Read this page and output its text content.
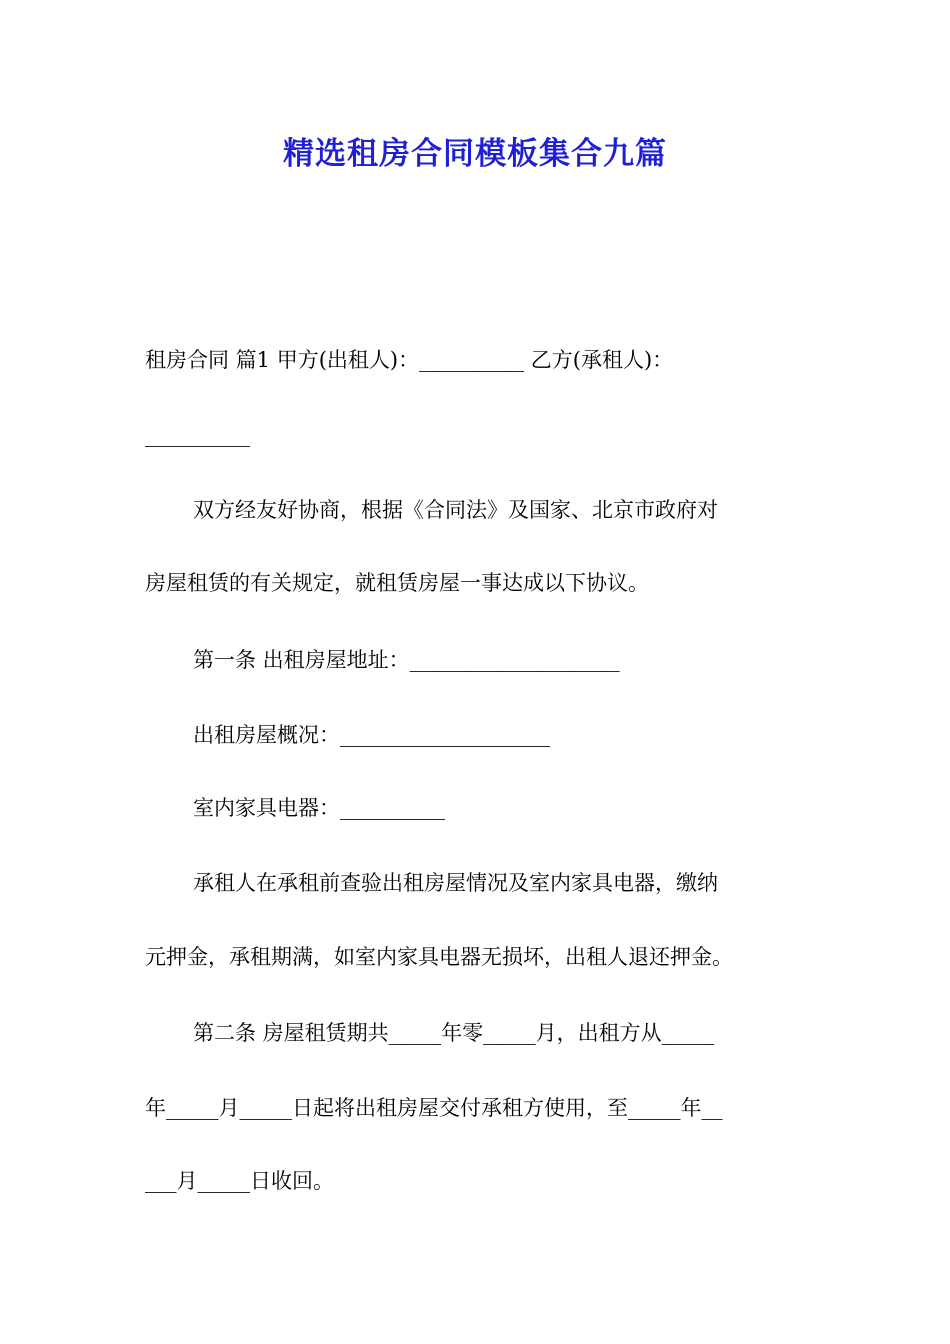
精选租房合同模板集合九篇
租房合同 篇1 甲方(出租人)：__________ 乙方(承租人)：
__________
双方经友好协商，根据《合同法》及国家、北京市政府对
房屋租赁的有关规定，就租赁房屋一事达成以下协议。
第一条 出租房屋地址：____________________
出租房屋概况：____________________
室内家具电器：__________
承租人在承租前查验出租房屋情况及室内家具电器，缴纳
元押金，承租期满，如室内家具电器无损坏，出租人退还押金。
第二条 房屋租赁期共_____年零_____月，出租方从_____
年_____月_____日起将出租房屋交付承租方使用，至_____年__
___月_____日收回。
